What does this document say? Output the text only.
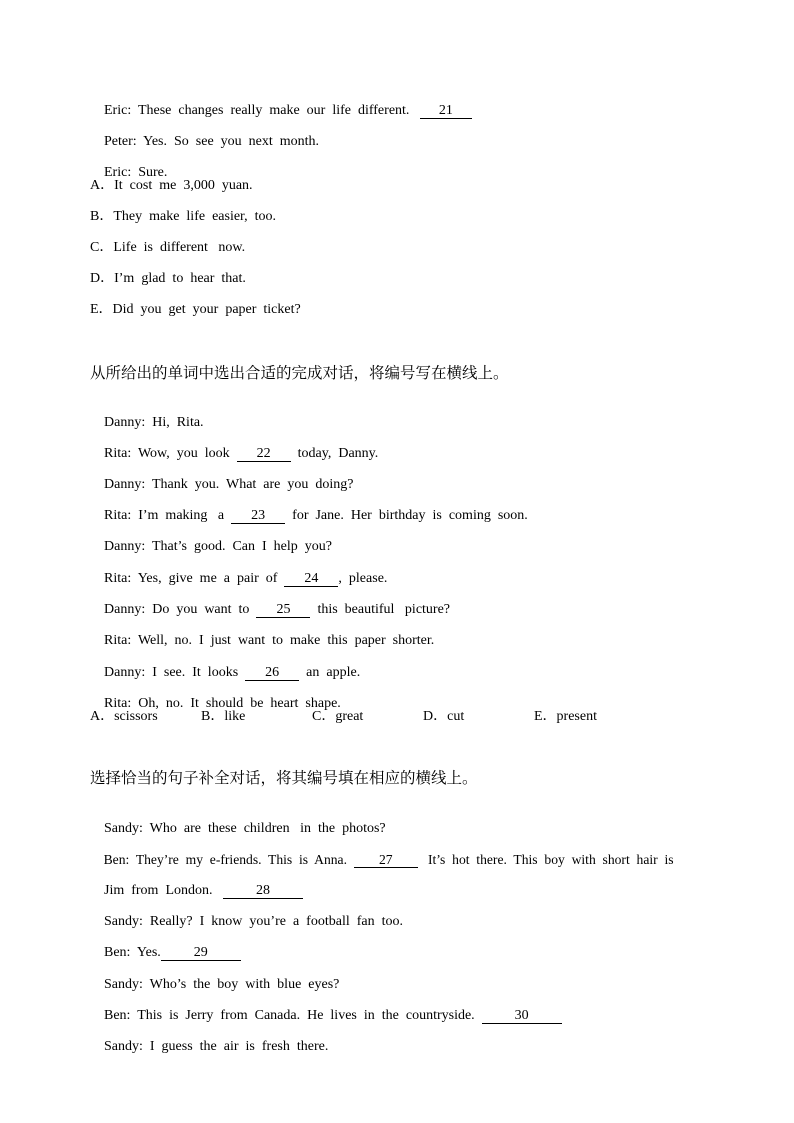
Eric:  These  changes  really  make  our  life  different.   21

Peter:  Yes.  So  see  you  next  month.

Eric:  Sure.

A．It  cost  me  3,000  yuan.
B．They  make  life  easier,  too.
C．Life  is  different   now.
D．I’m  glad  to  hear  that.
E．Did  you  get  your  paper  ticket?
从所给出的单词中选出合适的完成对话，将编号写在横线上。

Danny:  Hi,  Rita.

Rita:  Wow,  you  look  22  today,  Danny.

Danny:  Thank  you.  What  are  you  doing?

Rita:  I’m  making   a  23  for  Jane.  Her  birthday  is  coming  soon.

Danny:  That’s  good.  Can  I  help  you?

Rita:  Yes,  give  me  a  pair  of  24 ,  please.

Danny:  Do  you  want  to  25  this  beautiful   picture?

Rita:  Well,  no.  I  just  want  to  make  this  paper  shorter.

Danny:  I  see.  It  looks  26  an  apple.

Rita:  Oh,  no.  It  should  be  heart  shape.

A．scissors

	B．like

	C．great

	D．cut

	E．present

选择恰当的句子补全对话，将其编号填在相应的横线上。

Sandy:  Who  are  these  children   in  the  photos?

Ben:  They’re  my  e-friends.  This  is  Anna.  27   It’s  hot  there.  This  boy  with  short  hair  is

Jim  from  London.   28

Sandy:  Really?  I  know  you’re  a  football  fan  too.

Ben:  Yes. 29

Sandy:  Who’s  the  boy  with  blue  eyes?

Ben:  This  is  Jerry  from  Canada.  He  lives  in  the  countryside.  30

Sandy:  I  guess  the  air  is  fresh  there.
